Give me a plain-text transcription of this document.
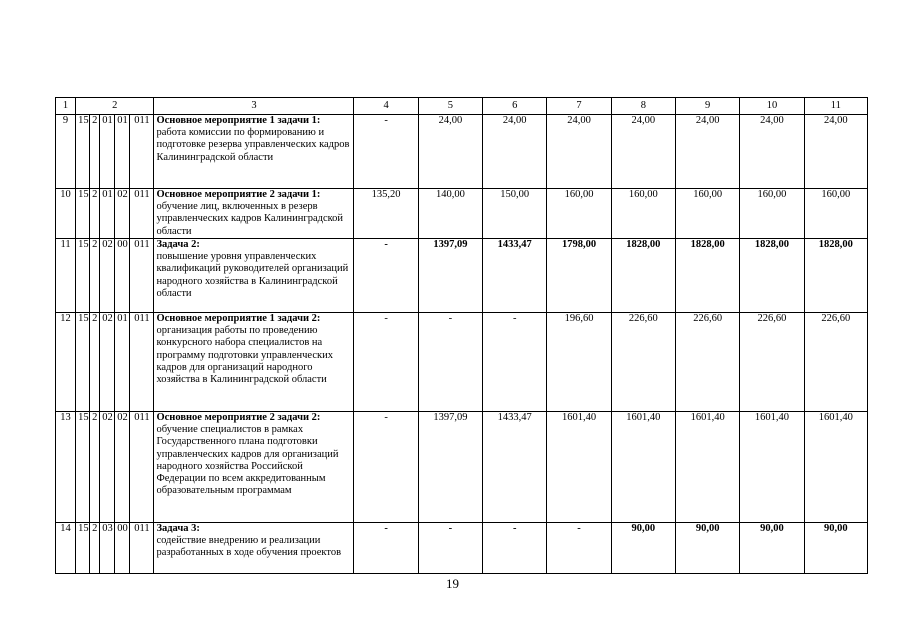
1	2					3	4	5	6	7	8	9	10	11
9	15	2	01	01	011	Основное мероприятие 1 задачи 1:
работа комиссии по формированию и подготовке резерва управленческих кадров Калининградской области	-	24,00	24,00	24,00	24,00	24,00	24,00	24,00
10	15	2	01	02	011	Основное мероприятие 2 задачи 1:
обучение лиц, включенных в резерв управленческих кадров Калининградской области	135,20	140,00	150,00	160,00	160,00	160,00	160,00	160,00
11	15	2	02	00	011	Задача 2:
повышение уровня управленческих квалификаций руководителей организаций народного хозяйства в Калининградской области	-	1397,09	1433,47	1798,00	1828,00	1828,00	1828,00	1828,00
12	15	2	02	01	011	Основное мероприятие 1 задачи 2:
организация работы по проведению конкурсного набора специалистов на программу подготовки управленческих кадров для организаций народного хозяйства в Калининградской области	-	-	-	196,60	226,60	226,60	226,60	226,60
13	15	2	02	02	011	Основное мероприятие 2 задачи 2:
обучение специалистов в рамках Государственного плана подготовки управленческих кадров для организаций народного хозяйства Российской Федерации по всем аккредитованным образовательным программам	-	1397,09	1433,47	1601,40	1601,40	1601,40	1601,40	1601,40
14	15	2	03	00	011	Задача 3:
содействие внедрению и реализации разработанных в ходе обучения проектов	-	-	-	-	90,00	90,00	90,00	90,00
19
